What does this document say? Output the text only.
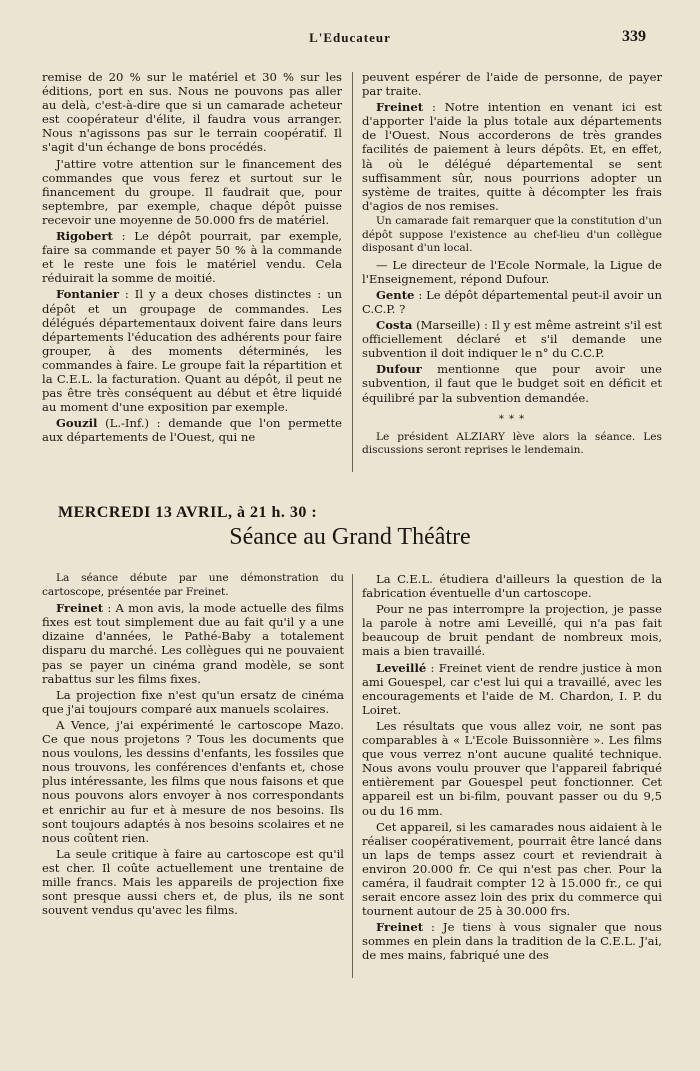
L'Educateur	339

remise de 20 % sur le matériel et 30 % sur les éditions, port en sus. Nous ne pouvons pas aller au delà, c'est-à-dire que si un camarade acheteur est coopérateur d'élite, il faudra vous arranger. Nous n'agissons pas sur le terrain coopératif. Il s'agit d'un échange de bons procédés.

J'attire votre attention sur le financement des commandes que vous ferez et surtout sur le financement du groupe. Il faudrait que, pour septembre, par exemple, chaque dépôt puisse recevoir une moyenne de 50.000 frs de matériel.

Rigobert : Le dépôt pourrait, par exemple, faire sa commande et payer 50 % à la commande et le reste une fois le matériel vendu. Cela réduirait la somme de moitié.

Fontanier : Il y a deux choses distinctes : un dépôt et un groupage de commandes. Les délégués départementaux doivent faire dans leurs départements l'éducation des adhérents pour faire grouper, à des moments déterminés, les commandes à faire. Le groupe fait la répartition et la C.E.L. la facturation. Quant au dépôt, il peut ne pas être très conséquent au début et être liquidé au moment d'une exposition par exemple.

Gouzil (L.-Inf.) : demande que l'on permette aux départements de l'Ouest, qui ne

peuvent espérer de l'aide de personne, de payer par traite.

Freinet : Notre intention en venant ici est d'apporter l'aide la plus totale aux départements de l'Ouest. Nous accorderons de très grandes facilités de paiement à leurs dépôts. Et, en effet, là où le délégué départemental se sent suffisamment sûr, nous pourrions adopter un système de traites, quitte à décompter les frais d'agios de nos remises.

Un camarade fait remarquer que la constitution d'un dépôt suppose l'existence au chef-lieu d'un collègue disposant d'un local.

— Le directeur de l'Ecole Normale, la Ligue de l'Enseignement, répond Dufour.

Gente : Le dépôt départemental peut-il avoir un C.C.P. ?

Costa (Marseille) : Il y est même astreint s'il est officiellement déclaré et s'il demande une subvention il doit indiquer le n° du C.C.P.

Dufour mentionne que pour avoir une subvention, il faut que le budget soit en déficit et équilibré par la subvention demandée.

* * *

Le président ALZIARY lève alors la séance. Les discussions seront reprises le lendemain.

MERCREDI 13 AVRIL, à 21 h. 30 :
Séance au Grand Théâtre

La séance débute par une démonstration du cartoscope, présentée par Freinet.

Freinet : A mon avis, la mode actuelle des films fixes est tout simplement due au fait qu'il y a une dizaine d'années, le Pathé-Baby a totalement disparu du marché. Les collègues qui ne pouvaient pas se payer un cinéma grand modèle, se sont rabattus sur les films fixes.

La projection fixe n'est qu'un ersatz de cinéma que j'ai toujours comparé aux manuels scolaires.

A Vence, j'ai expérimenté le cartoscope Mazo. Ce que nous projetons ? Tous les documents que nous voulons, les dessins d'enfants, les fossiles que nous trouvons, les conférences d'enfants et, chose plus intéressante, les films que nous faisons et que nous pouvons alors envoyer à nos correspondants et enrichir au fur et à mesure de nos besoins. Ils sont toujours adaptés à nos besoins scolaires et ne nous coûtent rien.

La seule critique à faire au cartoscope est qu'il est cher. Il coûte actuellement une trentaine de mille francs. Mais les appareils de projection fixe sont presque aussi chers et, de plus, ils ne sont souvent vendus qu'avec les films.

La C.E.L. étudiera d'ailleurs la question de la fabrication éventuelle d'un cartoscope.

Pour ne pas interrompre la projection, je passe la parole à notre ami Leveillé, qui n'a pas fait beaucoup de bruit pendant de nombreux mois, mais a bien travaillé.

Leveillé : Freinet vient de rendre justice à mon ami Gouespel, car c'est lui qui a travaillé, avec les encouragements et l'aide de M. Chardon, I. P. du Loiret.

Les résultats que vous allez voir, ne sont pas comparables à « L'Ecole Buissonnière ». Les films que vous verrez n'ont aucune qualité technique. Nous avons voulu prouver que l'appareil fabriqué entièrement par Gouespel peut fonctionner. Cet appareil est un bi-film, pouvant passer ou du 9,5 ou du 16 mm.

Cet appareil, si les camarades nous aidaient à le réaliser coopérativement, pourrait être lancé dans un laps de temps assez court et reviendrait à environ 20.000 fr. Ce qui n'est pas cher. Pour la caméra, il faudrait compter 12 à 15.000 fr., ce qui serait encore assez loin des prix du commerce qui tournent autour de 25 à 30.000 frs.

Freinet : Je tiens à vous signaler que nous sommes en plein dans la tradition de la C.E.L. J'ai, de mes mains, fabriqué une des
